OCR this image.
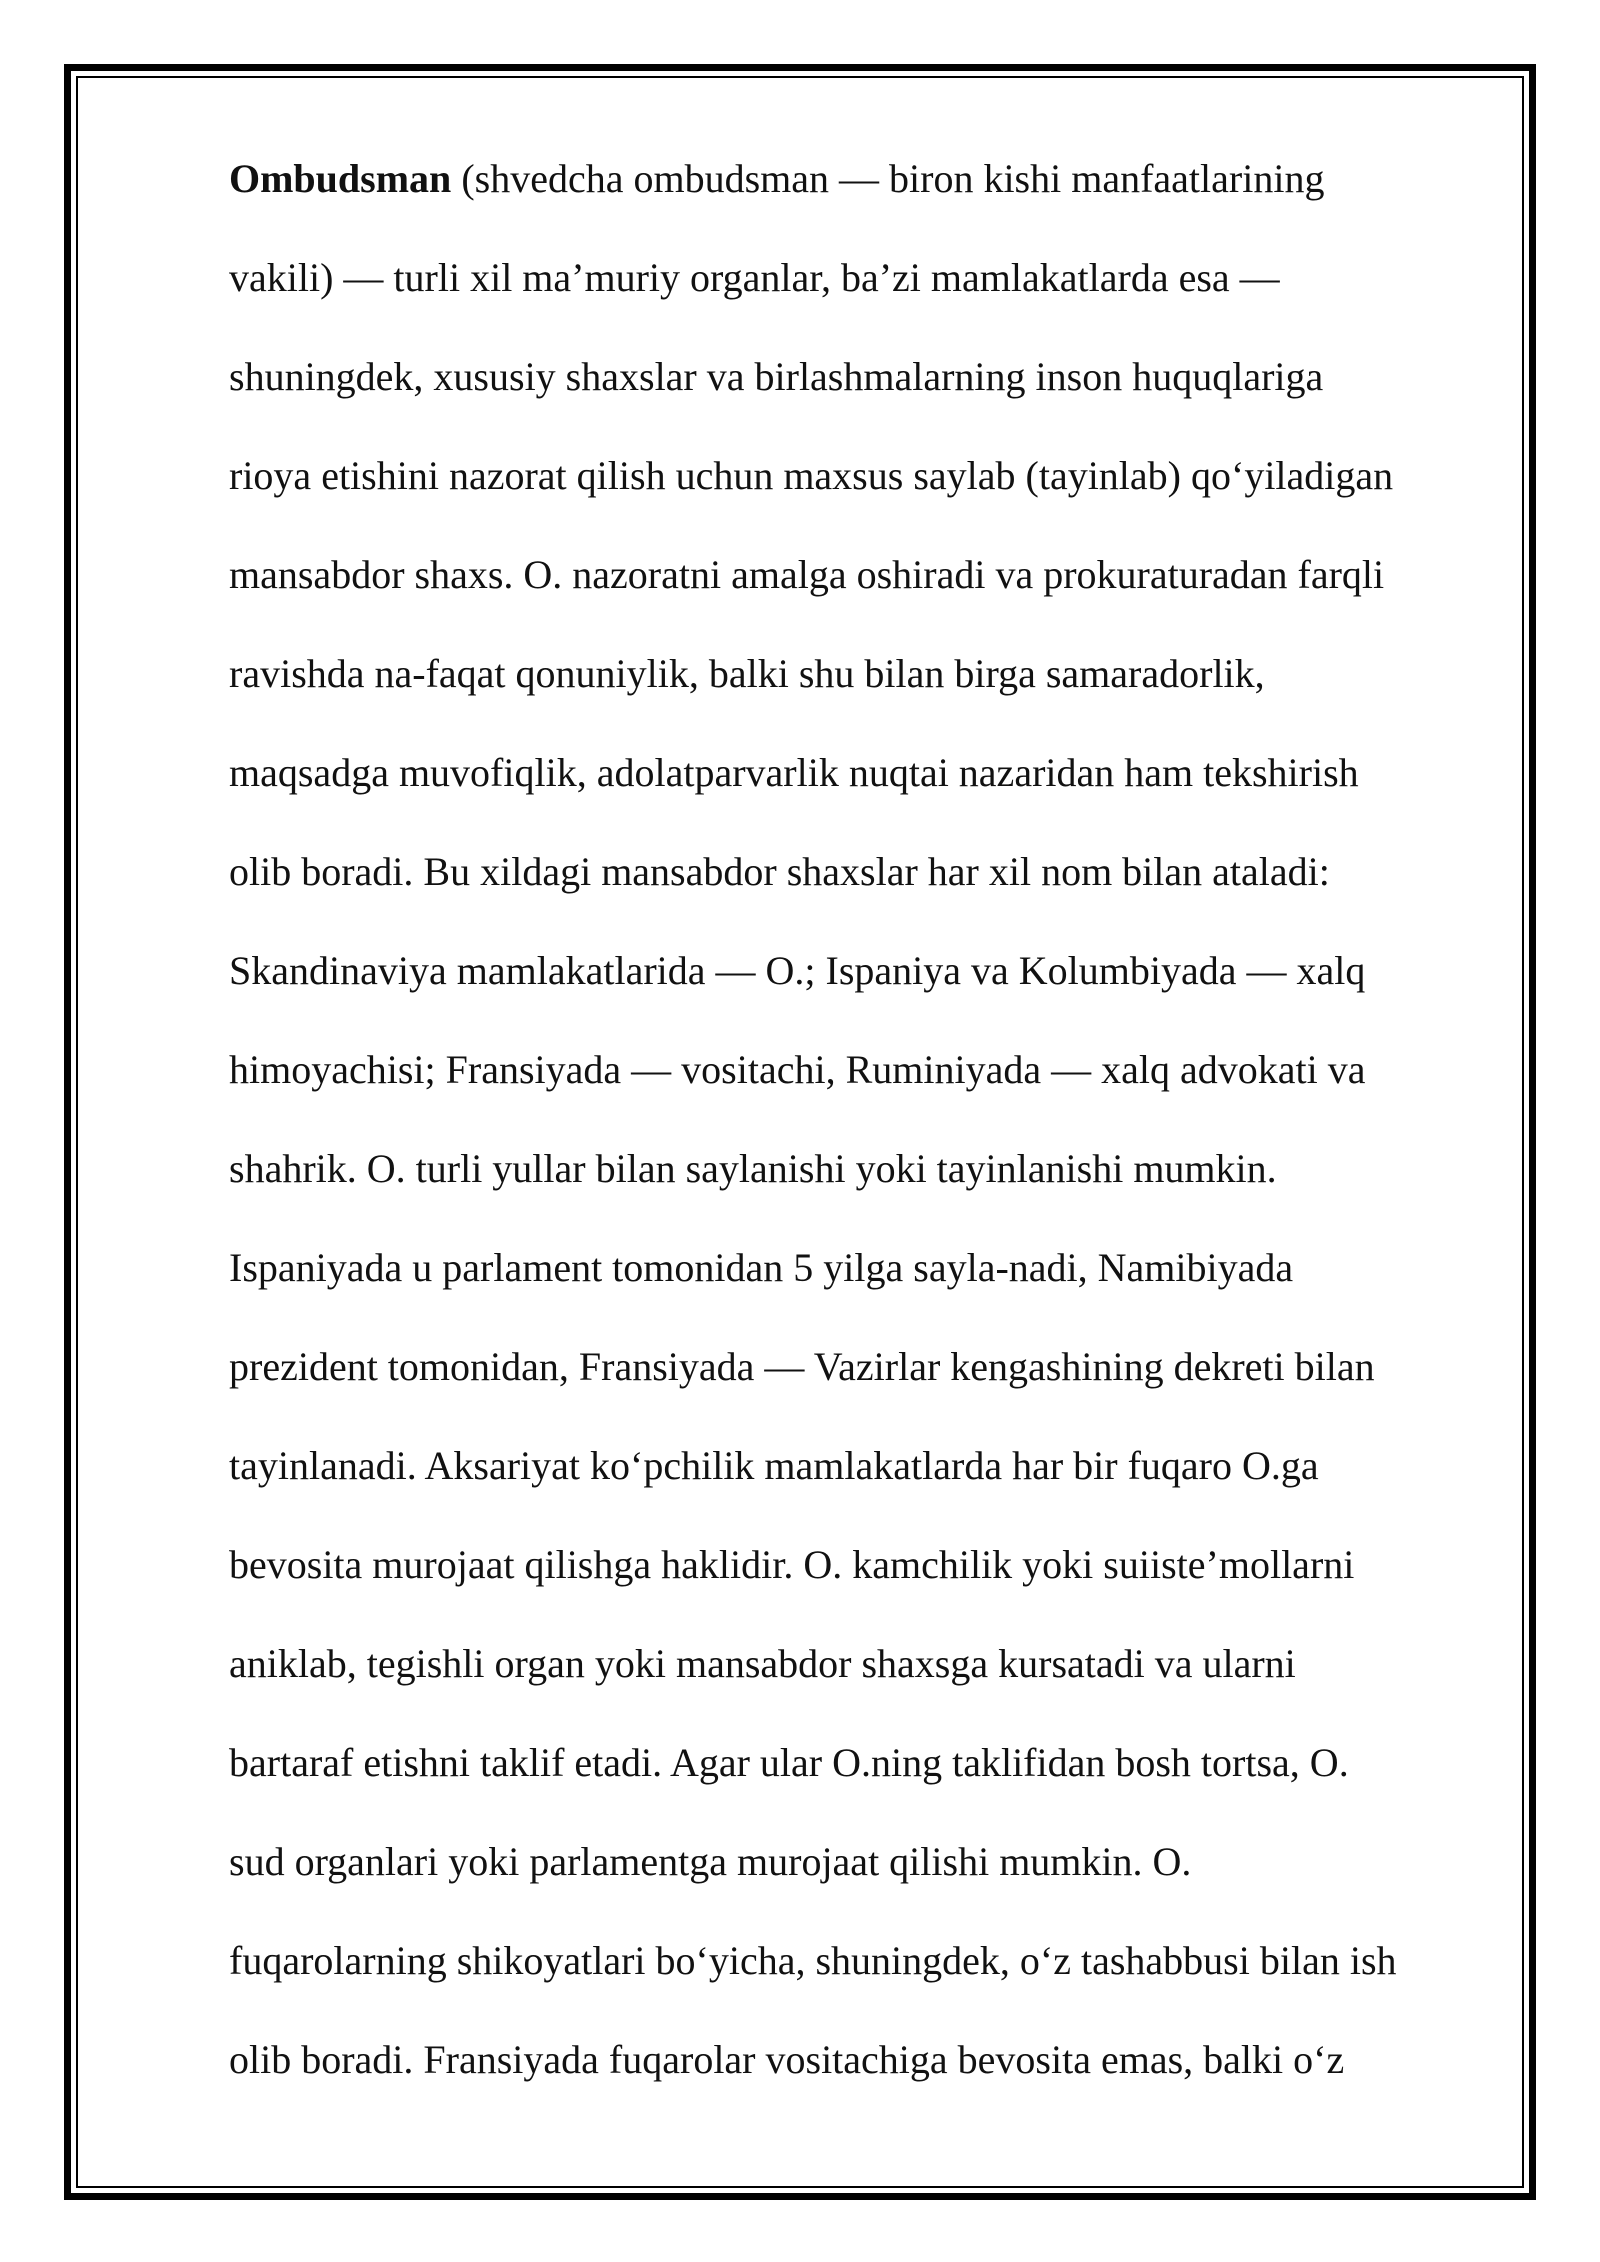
Ombudsman (shvedcha ombudsman — biron kishi manfaatlarining
vakili) — turli xil ma’muriy organlar, ba’zi mamlakatlarda esa —
shuningdek, xususiy shaxslar va birlashmalarning inson huquqlariga
rioya etishini nazorat qilish uchun maxsus saylab (tayinlab) qo‘yiladigan
mansabdor shaxs. O. nazoratni amalga oshiradi va prokuraturadan farqli
ravishda na-faqat qonuniylik, balki shu bilan birga samaradorlik,
maqsadga muvofiqlik, adolatparvarlik nuqtai nazaridan ham tekshirish
olib boradi. Bu xildagi mansabdor shaxslar har xil nom bilan ataladi:
Skandinaviya mamlakatlarida — O.; Ispaniya va Kolumbiyada — xalq
himoyachisi; Fransiyada — vositachi, Ruminiyada — xalq advokati va
shahrik. O. turli yullar bilan saylanishi yoki tayinlanishi mumkin.
Ispaniyada u parlament tomonidan 5 yilga sayla-nadi, Namibiyada
prezident tomonidan, Fransiyada — Vazirlar kengashining dekreti bilan
tayinlanadi. Aksariyat ko‘pchilik mamlakatlarda har bir fuqaro O.ga
bevosita murojaat qilishga haklidir. O. kamchilik yoki suiiste’mollarni
aniklab, tegishli organ yoki mansabdor shaxsga kursatadi va ularni
bartaraf etishni taklif etadi. Agar ular O.ning taklifidan bosh tortsa, O.
sud organlari yoki parlamentga murojaat qilishi mumkin. O.
fuqarolarning shikoyatlari bo‘yicha, shuningdek, o‘z tashabbusi bilan ish
olib boradi. Fransiyada fuqarolar vositachiga bevosita emas, balki o‘z
